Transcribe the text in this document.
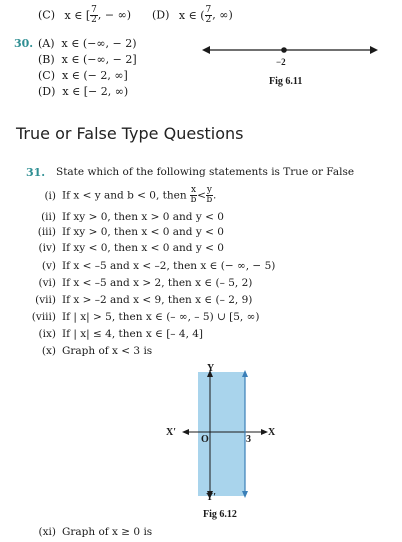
(C) x ∈ [ $\frac{7}{2}$ , − ∞) (D) x ∈ ( $\frac{7}{2}$ , ∞)
30. (A) x ∈ (−∞, − 2)
(B) x ∈ (−∞, − 2]
(C) x ∈ (− 2, ∞]
(D) x ∈ [− 2, ∞)
−2
Fig 6.11
True or False Type Questions
31. State which of the following statements is True or False
(i) If x < y and b < 0, then $\frac{x}{b} < \frac{y}{b}$ .
(ii) If xy > 0, then x > 0 and y < 0
(iii) If xy > 0, then x < 0 and y < 0
(iv) If xy < 0, then x < 0 and y < 0
(v) If x < –5 and x < –2, then x ∈ (− ∞, − 5)
(vi) If x < –5 and x > 2, then x ∈ (– 5, 2)
(vii) If x > –2 and x < 9, then x ∈ (– 2, 9)
(viii) If | x| > 5, then x ∈ (– ∞, – 5) ∪ [5, ∞)
(ix) If | x| ≤ 4, then x ∈ [– 4, 4]
(x) Graph of x < 3 is
Y
Y′
X′	X
O	3
Fig 6.12
(xi) Graph of x ≥ 0 is
